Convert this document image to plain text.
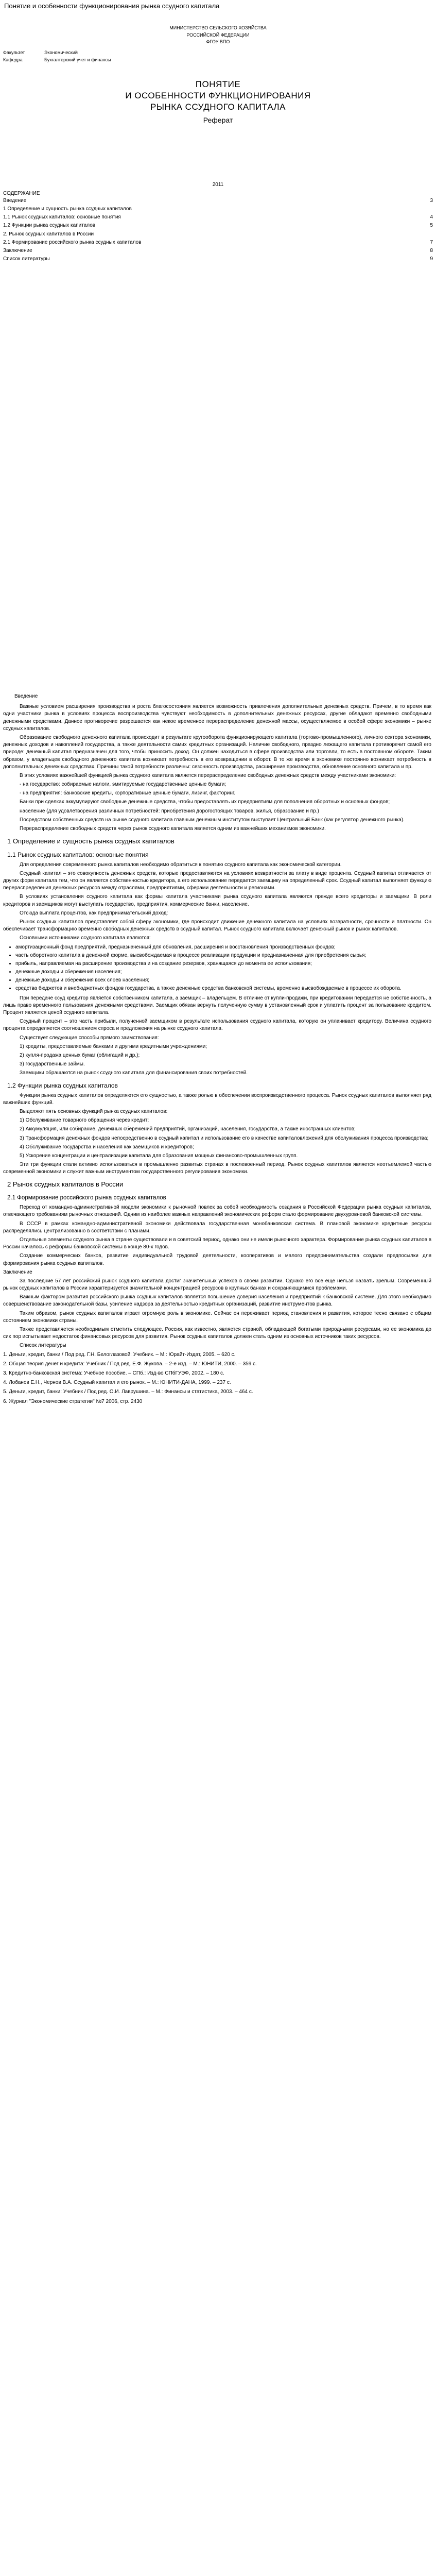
Понятие и особенности функционирования рынка ссудного капитала
МИНИСТЕРСТВО СЕЛЬСКОГО ХОЗЯЙСТВА
РОССИЙСКОЙ ФЕДЕРАЦИИ
ФГОУ ВПО
Факультет	Экономический
Кафедра	Бухгалтерский учет и финансы
ПОНЯТИЕ
И ОСОБЕННОСТИ ФУНКЦИОНИРОВАНИЯ
РЫНКА ССУДНОГО КАПИТАЛА
Реферат
2011
СОДЕРЖАНИЕ
Введение	3
1 Определение и сущность рынка ссудных капиталов
1.1 Рынок ссудных капиталов: основные понятия	4
1.2 Функции рынка ссудных капиталов	5
2. Рынок ссудных капиталов в России
2.1 Формирование российского рынка ссудных капиталов	7
Заключение	8
Список литературы	9

Введение

Важные условием расширения производства и роста благосостояния является возможность привлечения дополнительных денежных средств. Причем, в то время как одни участники рынка в условиях процесса воспроизводства чувствуют необходимость в дополнительных денежных ресурсах, другие обладают временно свободными денежными средствами. Данное противоречие разрешается как некое временное перераспределение денежной массы, осуществляемое в особой сфере экономики – рынке ссудных капиталов.

Образование свободного денежного капитала происходит в результате кругооборота функционирующего капитала (торгово-промышленного), личного сектора экономики, денежных доходов и накоплений государства, а также деятельности самих кредитных организаций. Наличие свободного, праздно лежащего капитала противоречит самой его природе: денежный капитал предназначен для того, чтобы приносить доход. Он должен находиться в сфере производства или торговли, то есть в постоянном обороте. Таким образом, у владельцев свободного денежного капитала возникает потребность в его возвращении в оборот. В то же время в экономике постоянно возникает потребность в дополнительных денежных средствах. Причины такой потребности различны: сезонность производства, расширение производства, обновление основного капитала и пр.

В этих условиях важнейшей функцией рынка ссудного капитала является перераспределение свободных денежных средств между участниками экономики:

- на государство: собираемые налоги, эмитируемые государственные ценные бумаги;

- на предприятия: банковские кредиты, корпоративные ценные бумаги, лизинг, факторинг.

Банки при сделках аккумулируют свободные денежные средства, чтобы предоставлять их предприятиям для пополнения оборотных и основных фондов;

население (для удовлетворения различных потребностей: приобретения дорогостоящих товаров, жилья, образование и пр.)

Посредством собственных средств на рынке ссудного капитала главным денежным институтом выступает Центральный Банк (как регулятор денежного рынка).

Перераспределение свободных средств через рынок ссудного капитала является одним из важнейших механизмов экономики.

1 Определение и сущность рынка ссудных капиталов
1.1 Рынок ссудных капиталов: основные понятия

Для определения современного рынка капиталов необходимо обратиться к понятию ссудного капитала как экономической категории.

Ссудный капитал – это совокупность денежных средств, которые предоставляются на условиях возвратности за плату в виде процента. Ссудный капитал отличается от других форм капитала тем, что он является собственностью кредитора, а его использование передается заемщику на определенный срок. Ссудный капитал выполняет функцию перераспределения денежных ресурсов между отраслями, предприятиями, сферами деятельности и регионами.

В условиях установления ссудного капитала как формы капитала участниками рынка ссудного капитала являются прежде всего кредиторы и заемщики. В роли кредиторов и заемщиков могут выступать государство, предприятия, коммерческие банки, население.

Отсюда выплата процентов, как предпринимательский доход:

Рынок ссудных капиталов представляет собой сферу экономики, где происходит движение денежного капитала на условиях возвратности, срочности и платности. Он обеспечивает трансформацию временно свободных денежных средств в ссудный капитал. Рынок ссудного капитала включает денежный рынок и рынок капиталов.

Основными источниками ссудного капитала являются:

• амортизационный фонд предприятий, предназначенный для обновления, расширения и восстановления производственных фондов;
• часть оборотного капитала в денежной форме, высвобождаемая в процессе реализации продукции и предназначенная для приобретения сырья;
• прибыль, направляемая на расширение производства и на создание резервов, хранящаяся до момента ее использования;
• денежные доходы и сбережения населения;
• денежные доходы и сбережения всех слоев населения;
• средства бюджетов и внебюджетных фондов государства, а также денежные средства банковской системы, временно высвобождаемые в процессе их оборота.

При передаче ссуд кредитор является собственником капитала, а заемщик – владельцем. В отличие от купли-продажи, при кредитовании передается не собственность, а лишь право временного пользования денежными средствами. Заемщик обязан вернуть полученную сумму в установленный срок и уплатить процент за пользование кредитом. Процент является ценой ссудного капитала.

Ссудный процент – это часть прибыли, полученной заемщиком в результате использования ссудного капитала, которую он уплачивает кредитору. Величина ссудного процента определяется соотношением спроса и предложения на рынке ссудного капитала.

Существует следующие способы прямого заимствования:

1) кредиты, предоставляемые банками и другими кредитными учреждениями;

2) купля-продажа ценных бумаг (облигаций и др.);

3) государственные займы.

Заемщики обращаются на рынок ссудного капитала для финансирования своих потребностей.

1.2 Функции рынка ссудных капиталов

Функции рынка ссудных капиталов определяются его сущностью, а также ролью в обеспечении воспроизводственного процесса. Рынок ссудных капиталов выполняет ряд важнейших функций.

Выделяют пять основных функций рынка ссудных капиталов:

1) Обслуживание товарного обращения через кредит;

2) Аккумуляция, или собирание, денежных сбережений предприятий, организаций, населения, государства, а также иностранных клиентов;

3) Трансформация денежных фондов непосредственно в ссудный капитал и использование его в качестве капиталовложений для обслуживания процесса производства;

4) Обслуживание государства и населения как заемщиков и кредиторов;

5) Ускорение концентрации и централизации капитала для образования мощных финансово-промышленных групп.

Эти три функции стали активно использоваться в промышленно развитых странах в послевоенный период. Рынок ссудных капиталов является неотъемлемой частью современной экономики и служит важным инструментом государственного регулирования экономики.

2 Рынок ссудных капиталов в России
2.1 Формирование российского рынка ссудных капиталов

Переход от командно-административной модели экономики к рыночной повлек за собой необходимость создания в Российской Федерации рынка ссудных капиталов, отвечающего требованиям рыночных отношений. Одним из наиболее важных направлений экономических реформ стало формирование двухуровневой банковской системы.

В СССР в рамках командно-административной экономики действовала государственная монобанковская система. В плановой экономике кредитные ресурсы распределялись централизованно в соответствии с планами.

Отдельные элементы ссудного рынка в стране существовали и в советский период, однако они не имели рыночного характера. Формирование рынка ссудных капиталов в России началось с реформы банковской системы в конце 80-х годов.

Создание коммерческих банков, развитие индивидуальной трудовой деятельности, кооперативов и малого предпринимательства создали предпосылки для формирования рынка ссудных капиталов.

Заключение

За последние 57 лет российский рынок ссудного капитала достиг значительных успехов в своем развитии. Однако его все еще нельзя назвать зрелым. Современный рынок ссудных капиталов в России характеризуется значительной концентрацией ресурсов в крупных банках и сохраняющимися проблемами.

Важным фактором развития российского рынка ссудных капиталов является повышение доверия населения и предприятий к банковской системе. Для этого необходимо совершенствование законодательной базы, усиление надзора за деятельностью кредитных организаций, развитие инструментов рынка.

Таким образом, рынок ссудных капиталов играет огромную роль в экономике. Сейчас он переживает период становления и развития, которое тесно связано с общим состоянием экономики страны.

Также представляется необходимым отметить следующее. Россия, как известно, является страной, обладающей богатыми природными ресурсами, но ее экономика до сих пор испытывает недостаток финансовых ресурсов для развития. Рынок ссудных капиталов должен стать одним из основных источников таких ресурсов.

Список литературы

1. Деньги, кредит, банки / Под ред. Г.Н. Белоглазовой: Учебник. – М.: Юрайт-Издат, 2005. – 620 с.

2. Общая теория денег и кредита: Учебник / Под ред. Е.Ф. Жукова. – 2-е изд. – М.: ЮНИТИ, 2000. – 359 с.

3. Кредитно-банковская система: Учебное пособие. – СПб.: Изд-во СПбГУЭФ, 2002. – 180 с.

4. Лобанов Е.Н., Чернов В.А. Ссудный капитал и его рынок. – М.: ЮНИТИ-ДАНА, 1999. – 237 с.

5. Деньги, кредит, банки: Учебник / Под ред. О.И. Лаврушина. – М.: Финансы и статистика, 2003. – 464 с.

6. Журнал "Экономические стратегии" №7 2006, стр. 2430
